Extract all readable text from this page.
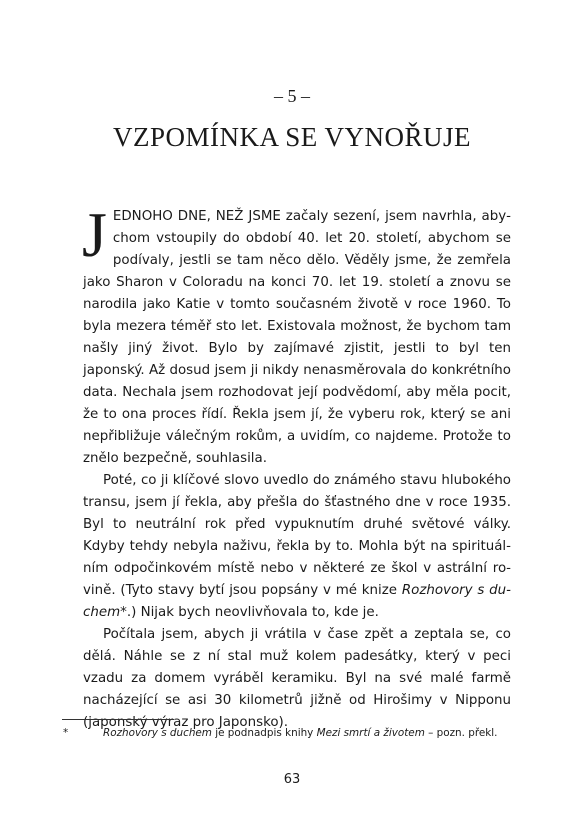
– 5 –
VZPOMÍNKA SE VYNOŘUJE

JEDNOHO DNE, NEŽ JSME začaly sezení, jsem navrhla, abychom vstoupily do období 40. let 20. století, abychom se podívaly, jestli se tam něco dělo. Věděly jsme, že zemřela jako Sharon v Coloradu na konci 70. let 19. století a znovu se narodila jako Katie v tomto současném životě v roce 1960. To byla mezera téměř sto let. Existovala možnost, že bychom tam našly jiný život. Bylo by zajímavé zjistit, jestli to byl ten japonský. Až dosud jsem ji nikdy nenasměrovala do konkrétního data. Nechala jsem rozhodovat její podvědomí, aby měla pocit, že to ona proces řídí. Řekla jsem jí, že vyberu rok, který se ani nepřibližuje válečným rokům, a uvidím, co najdeme. Protože to znělo bezpečně, souhlasila.

Poté, co ji klíčové slovo uvedlo do známého stavu hlubokého transu, jsem jí řekla, aby přešla do šťastného dne v roce 1935. Byl to neutrální rok před vypuknutím druhé světové války. Kdyby tehdy nebyla naživu, řekla by to. Mohla být na spirituálním odpočinkovém místě nebo v některé ze škol v astrální rovině. (Tyto stavy bytí jsou popsány v mé knize Rozhovory s duchem*.) Nijak bych neovlivňovala to, kde je.

Počítala jsem, abych ji vrátila v čase zpět a zeptala se, co dělá. Náhle se z ní stal muž kolem padesátky, který v peci vzadu za domem vyráběl keramiku. Byl na své malé farmě nacházející se asi 30 kilometrů jižně od Hirošimy v Nipponu (japonský výraz pro Japonsko).

*	Rozhovory s duchem je podnadpis knihy Mezi smrtí a životem – pozn. překl.
63
